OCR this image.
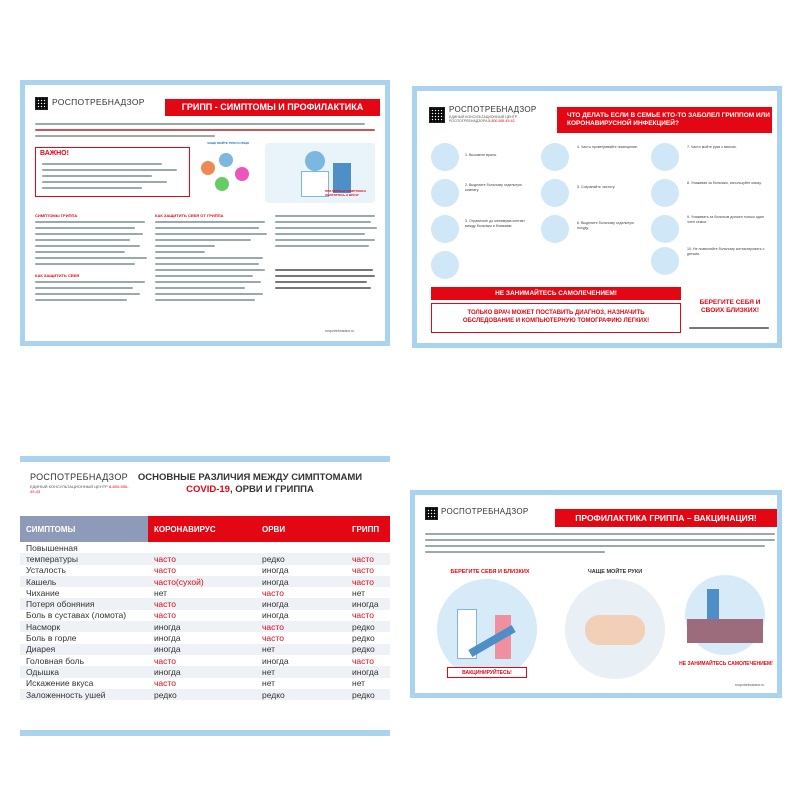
РОСПОТРЕБНАДЗОР	ГРИПП - СИМПТОМЫ И ПРОФИЛАКТИКА
ВАЖНО!
ЧАЩЕ МОЙТЕ РУКИ И ЛИЦО
ПРИ ПЕРВЫХ СИМПТОМАХ ОБРАТИТЕСЬ К ВРАЧУ
СИМПТОМЫ ГРИППА
КАК ЗАЩИТИТЬ СЕБЯ
КАК ЗАЩИТИТЬ СЕБЯ ОТ ГРИППА
rospotrebnadzor.ru
РОСПОТРЕБНАДЗОР
ЕДИНЫЙ КОНСУЛЬТАЦИОННЫЙ ЦЕНТР РОСПОТРЕБНАДЗОРА 8-800-555-49-43
ЧТО ДЕЛАТЬ ЕСЛИ В СЕМЬЕ КТО-ТО ЗАБОЛЕЛ ГРИППОМ ИЛИ КОРОНАВИРУСНОЙ ИНФЕКЦИЕЙ?
1. Вызовите врача.
2. Выделите больному отдельную комнату.
3. Ограничьте до минимума контакт между больным и близкими.
4. Часто проветривайте помещение.
5. Сохраняйте чистоту.
6. Выделите больному отдельную посуду.
7. Часто мойте руки с мылом.
8. Ухаживая за больным, используйте маску.
9. Ухаживать за больным должен только один член семьи.
10. Не позволяйте больному контактировать с детьми.
НЕ ЗАНИМАЙТЕСЬ САМОЛЕЧЕНИЕМ!
ТОЛЬКО ВРАЧ МОЖЕТ ПОСТАВИТЬ ДИАГНОЗ, НАЗНАЧИТЬ ОБСЛЕДОВАНИЕ И КОМПЬЮТЕРНУЮ ТОМОГРАФИЮ ЛЕГКИХ!
БЕРЕГИТЕ СЕБЯ И СВОИХ БЛИЗКИХ!
РОСПОТРЕБНАДЗОР
ЕДИНЫЙ КОНСУЛЬТАЦИОННЫЙ ЦЕНТР 8-800-555-49-43
ОСНОВНЫЕ РАЗЛИЧИЯ МЕЖДУ СИМПТОМАМИ
COVID-19, ОРВИ И ГРИППА
СИМПТОМЫ	КОРОНАВИРУС	ОРВИ	ГРИПП
Повышенная			
температуры	часто	редко	часто
Усталость	часто	иногда	часто
Кашель	часто(сухой)	иногда	часто
Чихание	нет	часто	нет
Потеря обоняния	часто	иногда	иногда
Боль в суставах (ломота)	часто	иногда	часто
Насморк	иногда	часто	редко
Боль в горле	иногда	часто	редко
Диарея	иногда	нет	редко
Головная боль	часто	иногда	часто
Одышка	иногда	нет	иногда
Искажение вкуса	часто	нет	нет
Заложенность ушей	редко	редко	редко
РОСПОТРЕБНАДЗОР
ПРОФИЛАКТИКА ГРИППА – ВАКЦИНАЦИЯ!
БЕРЕГИТЕ СЕБЯ И БЛИЗКИХ
ВАКЦИНИРУЙТЕСЬ!
ЧАЩЕ МОЙТЕ РУКИ
НЕ ЗАНИМАЙТЕСЬ САМОЛЕЧЕНИЕМ!
rospotrebnadzor.ru
